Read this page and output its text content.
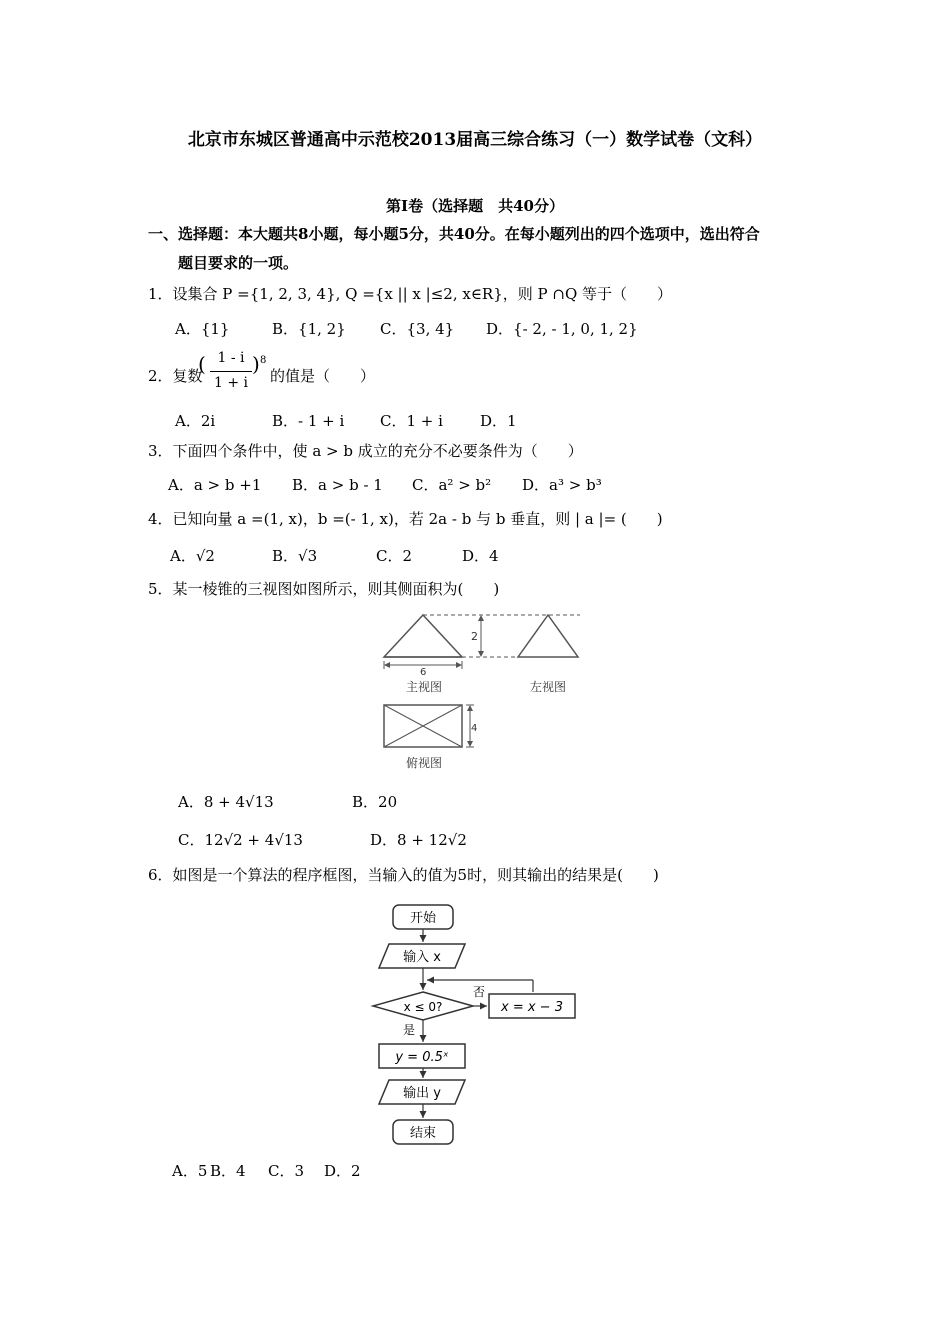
北京市东城区普通高中示范校2013届高三综合练习（一）数学试卷（文科）
第Ⅰ卷（选择题　共40分）
一、选择题：本大题共8小题，每小题5分，共40分。在每小题列出的四个选项中，选出符合
题目要求的一项。
1．设集合 P ={1, 2, 3, 4}, Q ={x || x |≤2, x∈R}，则 P ∩Q 等于（　　）
A．{1}	B．{1, 2} C．{3, 4} D．{- 2, - 1, 0, 1, 2}
2．复数
( 1 - i
1 + i
) 8
的值是（　　）
A．2i	B．- 1 + i C．1 + i D．1
3．下面四个条件中，使 a > b 成立的充分不必要条件为（　　）
A．a > b +1 B．a > b - 1 C．a² > b² D．a³ > b³
4．已知向量 a =(1, x)，b =(- 1, x)，若 2a - b 与 b 垂直，则 | a |= (　　)
A．√2	B．√3	C．2	D．4
5．某一棱锥的三视图如图所示，则其侧面积为(　　)
2
6
主视图	左视图
4
俯视图
A．8 + 4√13	B．20
C．12√2 + 4√13	D．8 + 12√2
6．如图是一个算法的程序框图，当输入的值为5时，则其输出的结果是(　　)
开始
输入 x
x ≤ 0?
否
x = x − 3
是
y = 0.5ˣ
输出 y
结束
A．5 B．4 C．3 D．2
